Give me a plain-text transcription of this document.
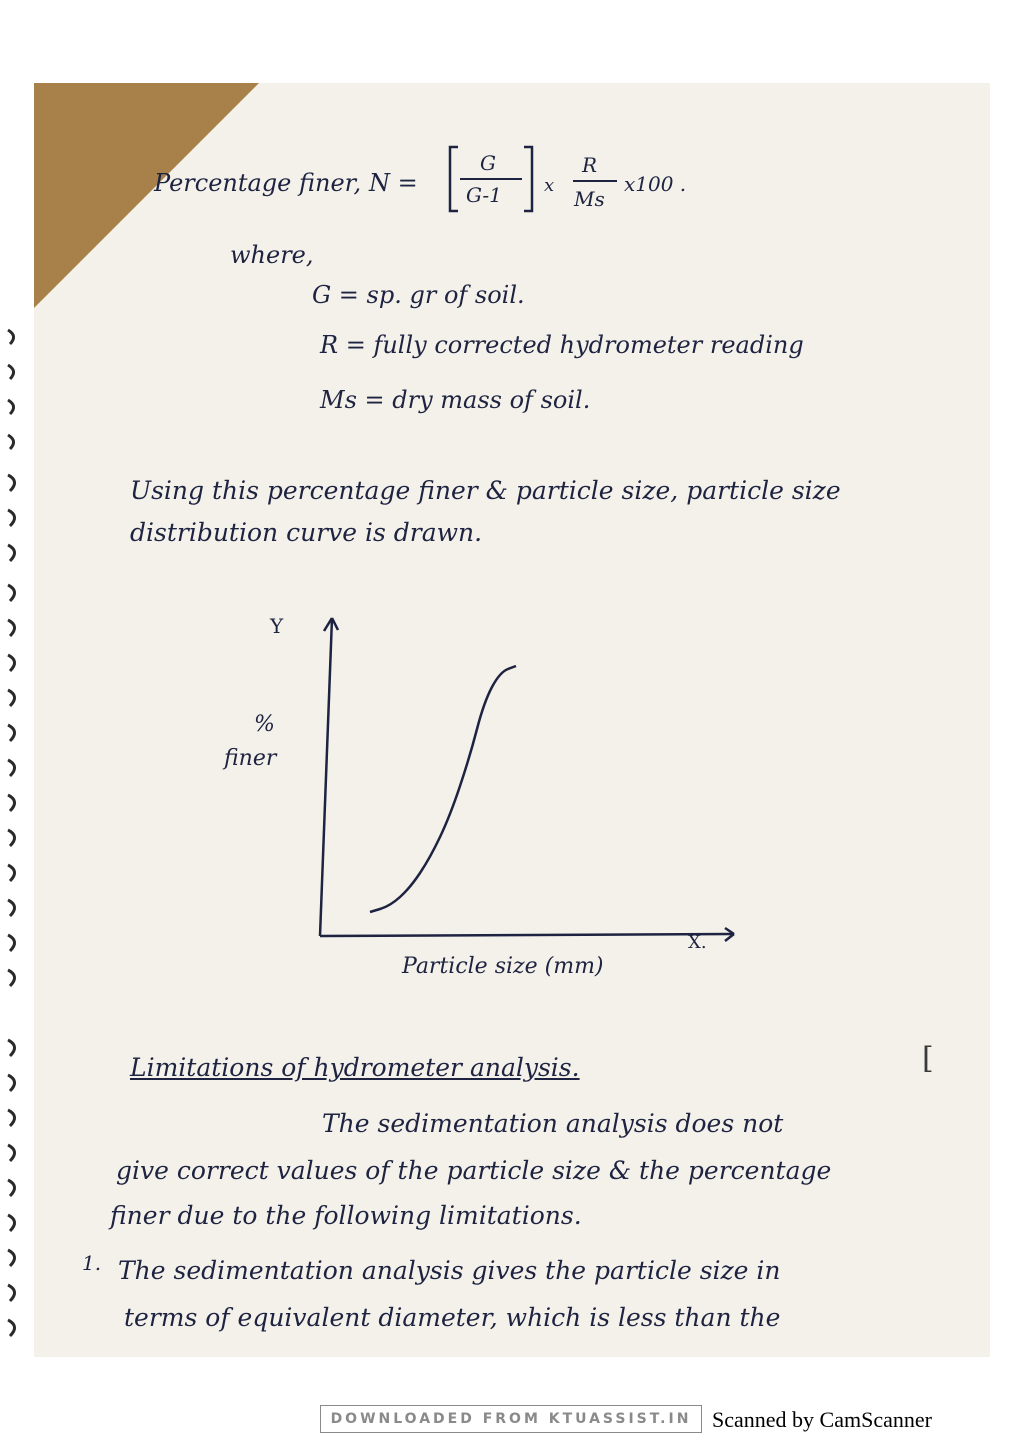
Percentage finer, N =
G
G-1 x
R
Ms
x100 .
where,
G = sp. gr of soil.
R = fully corrected hydrometer reading
Ms = dry mass of soil.
Using this percentage finer & particle size, particle size
distribution curve is drawn.
% finer
Particle size (mm)
X.
Y
Limitations of hydrometer analysis.
The sedimentation analysis does not
give correct values of the particle size & the percentage
finer due to the following limitations.
1. The sedimentation analysis gives the particle size in
terms of equivalent diameter, which is less than the
[
DOWNLOADED FROM KTUASSIST.IN Scanned by CamScanner
